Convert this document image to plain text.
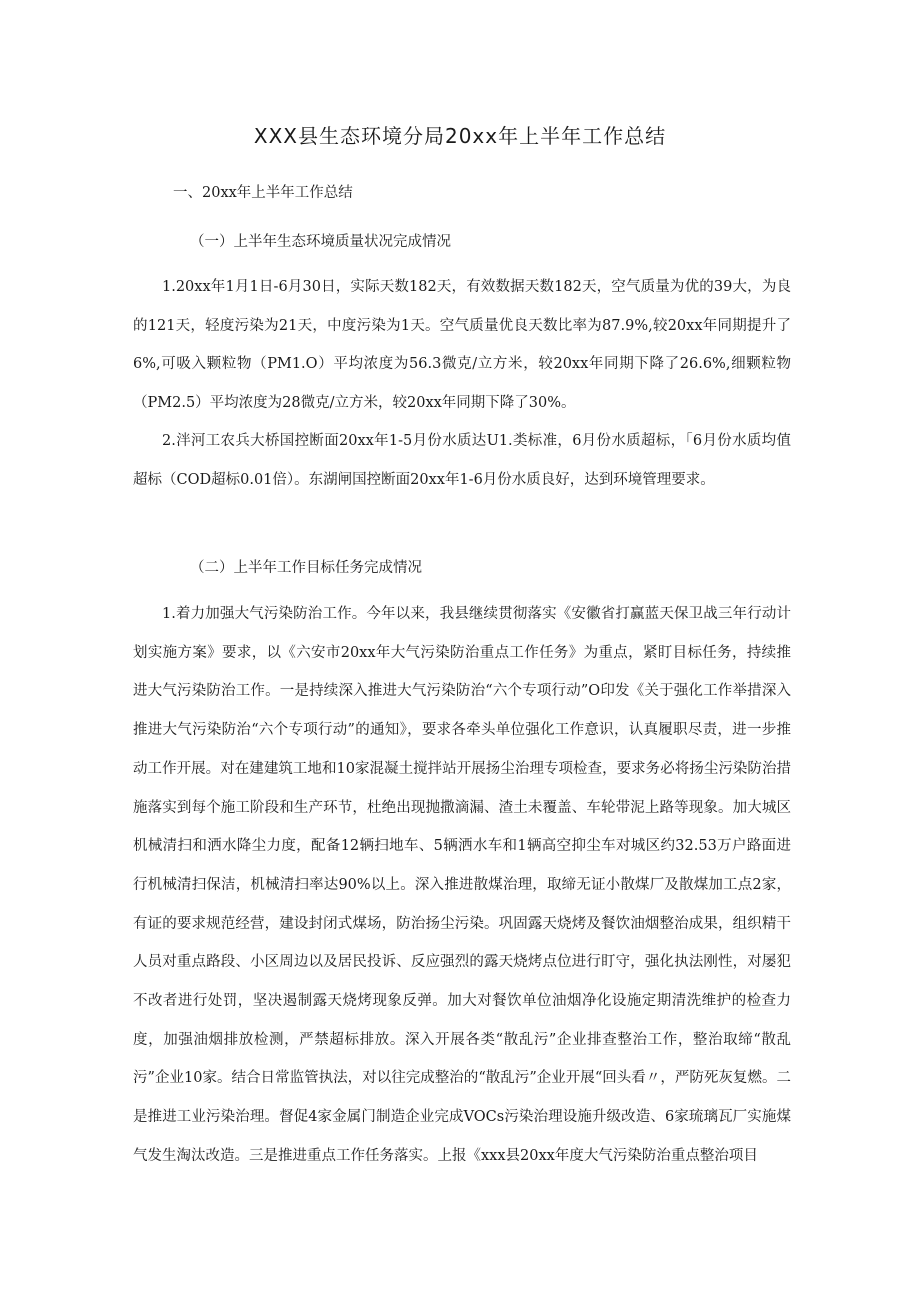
XXX县生态环境分局20xx年上半年工作总结

一、20xx年上半年工作总结

（一）上半年生态环境质量状况完成情况

1.20xx年1月1日-6月30日，实际天数182天，有效数据天数182天，空气质量为优的39大，为良的121天，轻度污染为21天，中度污染为1天。空气质量优良天数比率为87.9%,较20xx年同期提升了6%,可吸入颗粒物（PM1.O）平均浓度为56.3微克/立方米，较20xx年同期下降了26.6%,细颗粒物（PM2.5）平均浓度为28微克/立方米，较20xx年同期下降了30%。

2.泮河工农兵大桥国控断面20xx年1-5月份水质达U1.类标准，6月份水质超标，「6月份水质均值超标（COD超标0.01倍）。东湖闸国控断面20xx年1-6月份水质良好，达到环境管理要求。

（二）上半年工作目标任务完成情况

1.着力加强大气污染防治工作。今年以来，我县继续贯彻落实《安徽省打赢蓝天保卫战三年行动计划实施方案》要求，以《六安市20xx年大气污染防治重点工作任务》为重点，紧盯目标任务，持续推进大气污染防治工作。一是持续深入推进大气污染防治“六个专项行动”O印发《关于强化工作举措深入推进大气污染防治“六个专项行动”的通知》，要求各牵头单位强化工作意识，认真履职尽责，进一步推动工作开展。对在建建筑工地和10家混凝土搅拌站开展扬尘治理专项检查，要求务必将扬尘污染防治措施落实到每个施工阶段和生产环节，杜绝出现抛撒滴漏、渣土未覆盖、车轮带泥上路等现象。加大城区机械清扫和洒水降尘力度，配备12辆扫地车、5辆洒水车和1辆高空抑尘车对城区约32.53万户路面进行机械清扫保洁，机械清扫率达90%以上。深入推进散煤治理，取缔无证小散煤厂及散煤加工点2家，有证的要求规范经营，建设封闭式煤场，防治扬尘污染。巩固露天烧烤及餐饮油烟整治成果，组织精干人员对重点路段、小区周边以及居民投诉、反应强烈的露天烧烤点位进行盯守，强化执法刚性，对屡犯不改者进行处罚，坚决遏制露天烧烤现象反弹。加大对餐饮单位油烟净化设施定期清洗维护的检查力度，加强油烟排放检测，严禁超标排放。深入开展各类“散乱污”企业排查整治工作，整治取缔“散乱污”企业10家。结合日常监管执法，对以往完成整治的“散乱污”企业开展“回头看〃，严防死灰复燃。二是推进工业污染治理。督促4家金属门制造企业完成VOCs污染治理设施升级改造、6家琉璃瓦厂实施煤气发生淘汰改造。三是推进重点工作任务落实。上报《xxx县20xx年度大气污染防治重点整治项目
